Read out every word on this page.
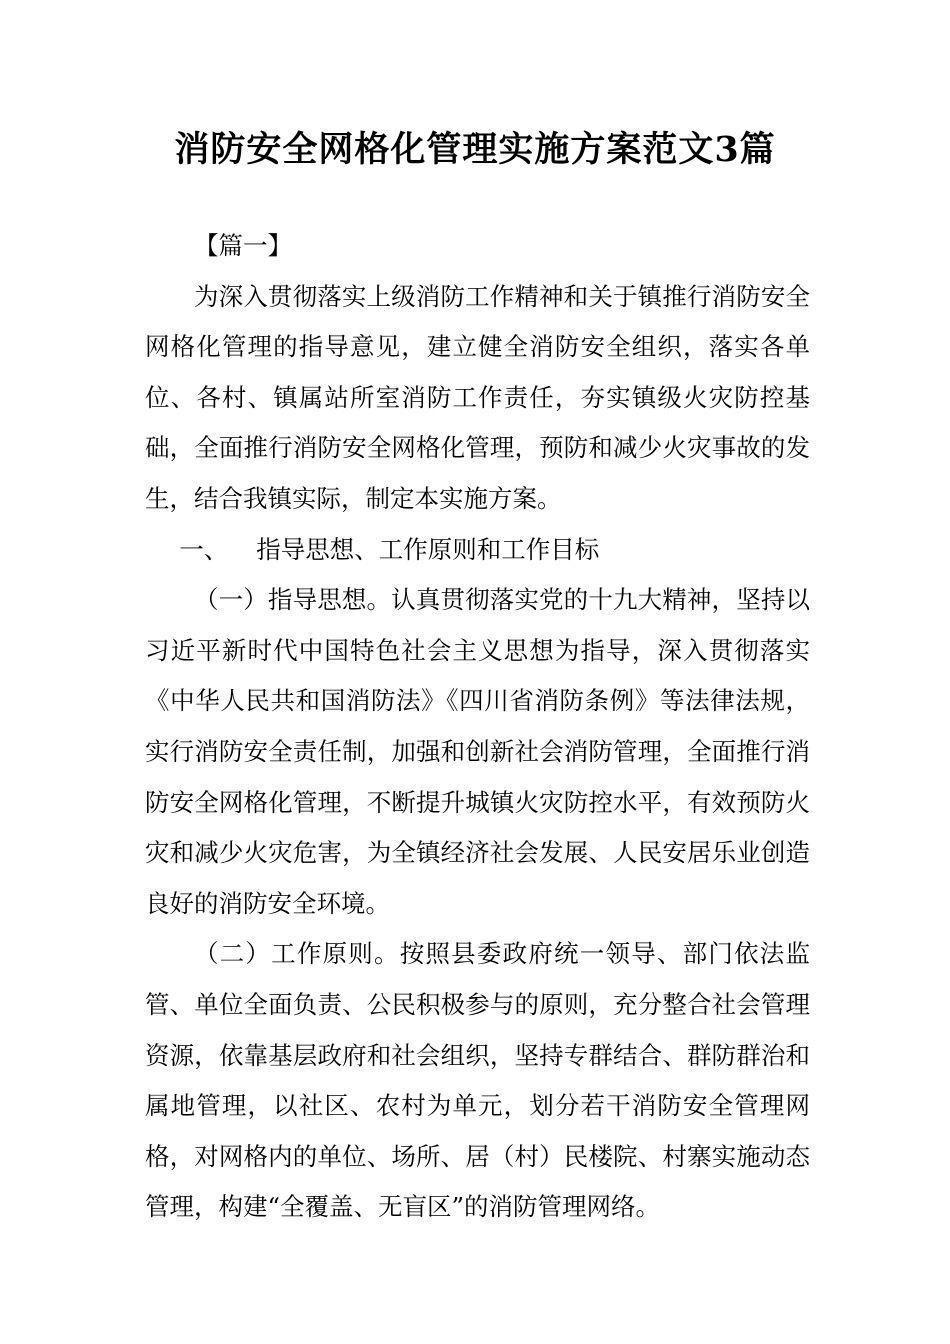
消防安全网格化管理实施方案范文3篇
【篇一】
为深入贯彻落实上级消防工作精神和关于镇推行消防安全网格化管理的指导意见，建立健全消防安全组织，落实各单位、各村、镇属站所室消防工作责任，夯实镇级火灾防控基础，全面推行消防安全网格化管理，预防和减少火灾事故的发生，结合我镇实际，制定本实施方案。
一、 指导思想、工作原则和工作目标
（一）指导思想。认真贯彻落实党的十九大精神，坚持以习近平新时代中国特色社会主义思想为指导，深入贯彻落实《中华人民共和国消防法》《四川省消防条例》等法律法规，实行消防安全责任制，加强和创新社会消防管理，全面推行消防安全网格化管理，不断提升城镇火灾防控水平，有效预防火灾和减少火灾危害，为全镇经济社会发展、人民安居乐业创造良好的消防安全环境。
（二）工作原则。按照县委政府统一领导、部门依法监管、单位全面负责、公民积极参与的原则，充分整合社会管理资源，依靠基层政府和社会组织，坚持专群结合、群防群治和属地管理，以社区、农村为单元，划分若干消防安全管理网格，对网格内的单位、场所、居（村）民楼院、村寨实施动态管理，构建“全覆盖、无盲区”的消防管理网络。
